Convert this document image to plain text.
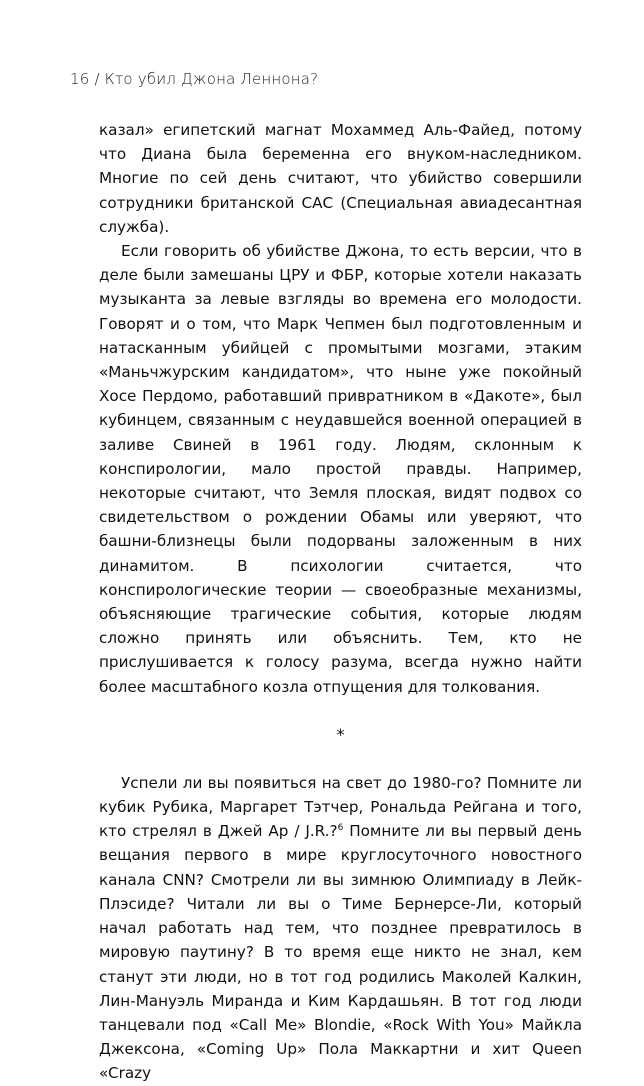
16 / Кто убил Джона Леннона?

казал» египетский магнат Мохаммед Аль-Файед, потому что Диана была беременна его внуком-наследником. Многие по сей день считают, что убийство совершили сотрудники британской САС (Специальная авиадесантная служба).

Если говорить об убийстве Джона, то есть версии, что в деле были замешаны ЦРУ и ФБР, которые хотели наказать музыканта за левые взгляды во времена его молодости. Говорят и о том, что Марк Чепмен был подготовленным и натасканным убийцей с промытыми мозгами, этаким «Маньчжурским кандидатом», что ныне уже покойный Хосе Пердомо, работавший привратником в «Дакоте», был кубинцем, связанным с неудавшейся военной операцией в заливе Свиней в 1961 году. Людям, склонным к конспирологии, мало простой правды. Например, некоторые считают, что Земля плоская, видят подвох со свидетельством о рождении Обамы или уверяют, что башни-близнецы были подорваны заложенным в них динамитом. В психологии считается, что конспирологические теории — своеобразные механизмы, объясняющие трагические события, которые людям сложно принять или объяснить. Тем, кто не прислушивается к голосу разума, всегда нужно найти более масштабного козла отпущения для толкования.

*

Успели ли вы появиться на свет до 1980-го? Помните ли кубик Рубика, Маргарет Тэтчер, Рональда Рейгана и того, кто стрелял в Джей Ар / J.R.?$^6$ Помните ли вы первый день вещания первого в мире круглосуточного новостного канала CNN? Смотрели ли вы зимнюю Олимпиаду в Лейк-Плэсиде? Читали ли вы о Тиме Бернерсе-Ли, который начал работать над тем, что позднее превратилось в мировую паутину? В то время еще никто не знал, кем станут эти люди, но в тот год родились Маколей Калкин, Лин-Мануэль Миранда и Ким Кардашьян. В тот год люди танцевали под «Call Me» Blondie, «Rock With You» Майкла Джексона, «Coming Up» Пола Маккартни и хит Queen «Crazy
